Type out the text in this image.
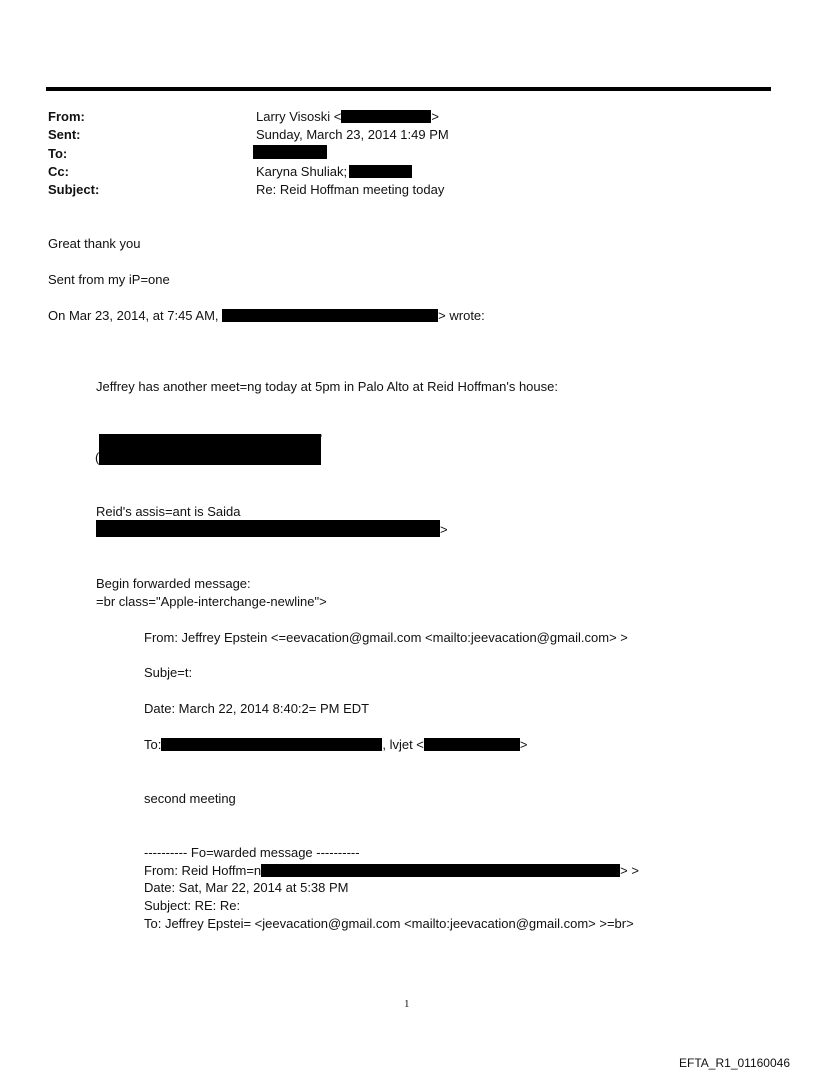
From:	Larry Visoski <	>
Sent:	Sunday, March 23, 2014 1:49 PM
To:
Cc:	Karyna Shuliak;
Subject:	Re: Reid Hoffman meeting today
Great thank you
Sent from my iP=one
On Mar 23, 2014, at 7:45 AM,	> wrote:
Jeffrey has another meet=ng today at 5pm in Palo Alto at Reid Hoffman's house:
'
(
Reid's assis=ant is Saida
>
Begin forwarded message:
=br class="Apple-interchange-newline">
From: Jeffrey Epstein <=eevacation@gmail.com <mailto:jeevacation@gmail.com> >
Subje=t:
Date: March 22, 2014 8:40:2= PM EDT
To:	, lvjet <	>
second meeting
---------- Fo=warded message ----------
From: Reid Hoffm=n	> >
Date: Sat, Mar 22, 2014 at 5:38 PM
Subject: RE: Re:
To: Jeffrey Epstei= <jeevacation@gmail.com <mailto:jeevacation@gmail.com> >=br>
1
EFTA_R1_01160046
